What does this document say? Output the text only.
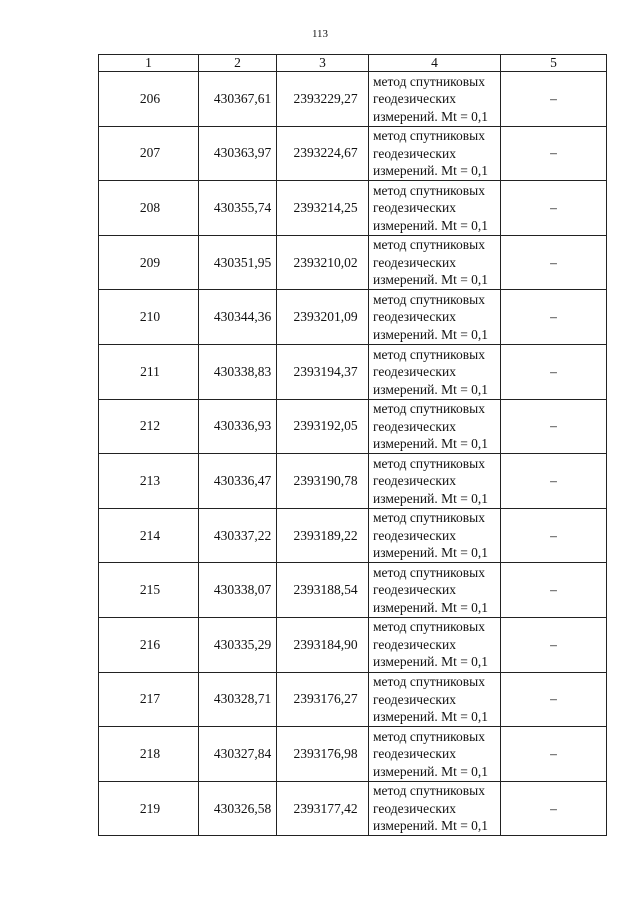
113
1	2	3	4	5
206	430367,61	2393229,27	метод спутниковых
геодезических
измерений. Mt = 0,1	–
207	430363,97	2393224,67	метод спутниковых
геодезических
измерений. Mt = 0,1	–
208	430355,74	2393214,25	метод спутниковых
геодезических
измерений. Mt = 0,1	–
209	430351,95	2393210,02	метод спутниковых
геодезических
измерений. Mt = 0,1	–
210	430344,36	2393201,09	метод спутниковых
геодезических
измерений. Mt = 0,1	–
211	430338,83	2393194,37	метод спутниковых
геодезических
измерений. Mt = 0,1	–
212	430336,93	2393192,05	метод спутниковых
геодезических
измерений. Mt = 0,1	–
213	430336,47	2393190,78	метод спутниковых
геодезических
измерений. Mt = 0,1	–
214	430337,22	2393189,22	метод спутниковых
геодезических
измерений. Mt = 0,1	–
215	430338,07	2393188,54	метод спутниковых
геодезических
измерений. Mt = 0,1	–
216	430335,29	2393184,90	метод спутниковых
геодезических
измерений. Mt = 0,1	–
217	430328,71	2393176,27	метод спутниковых
геодезических
измерений. Mt = 0,1	–
218	430327,84	2393176,98	метод спутниковых
геодезических
измерений. Mt = 0,1	–
219	430326,58	2393177,42	метод спутниковых
геодезических
измерений. Mt = 0,1	–
